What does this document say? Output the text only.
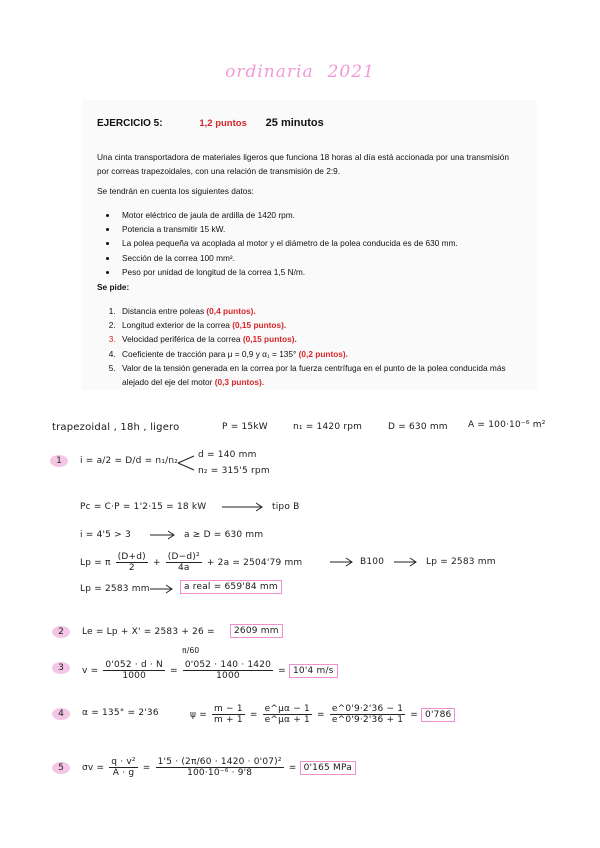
ordinaria 2021
EJERCICIO 5:	1,2 puntos 25 minutos
Una cinta transportadora de materiales ligeros que funciona 18 horas al día está accionada por una transmisión por correas trapezoidales, con una relación de transmisión de 2:9.
Se tendrán en cuenta los siguientes datos:
• Motor eléctrico de jaula de ardilla de 1420 rpm.
• Potencia a transmitir 15 kW.
• La polea pequeña va acoplada al motor y el diámetro de la polea conducida es de 630 mm.
• Sección de la correa 100 mm².
• Peso por unidad de longitud de la correa 1,5 N/m.
Se pide:
1. Distancia entre poleas (0,4 puntos).
2. Longitud exterior de la correa (0,15 puntos).
3. Velocidad periférica de la correa (0,15 puntos).
4. Coeficiente de tracción para μ = 0,9 y α₁ = 135° (0,2 puntos).
5. Valor de la tensión generada en la correa por la fuerza centrífuga en el punto de la polea conducida más alejado del eje del motor (0,3 puntos).
trapezoidal , 18h , ligero	P = 15kW	n₁ = 1420 rpm	D = 630 mm A = 100·10⁻⁶ m²
1	i = a/2 = D/d = n₁/n₂
d = 140 mm
n₂ = 315'5 rpm
Pc = C·P = 1'2·15 = 18 kW	tipo B
i = 4'5 > 3	a ≥ D = 630 mm
Lp = π $\frac{(D+d)}{2} + \frac{\text{(D−d)²}}{4a} + 2a = 2504'79$ mm	B100	Lp = 2583 mm
Lp = 2583 mm	a real = 659'84 mm
2	Le = Lp + X' = 2583 + 26 =	2609 mm
3
π/60
$v = \frac{0'052 \cdot d \cdot N}{1000} = \frac{0'052 \cdot 140 \cdot 1420}{1000} = 10'4$ m/s
4	α = 135° = 2'36	$\psi = \frac{m - 1}{m + 1} = \frac{e\^{}\mu\alpha - 1}{e\^{}\mu\alpha + 1} = \frac{e\^{}0'9\cdot 2'36 - 1}{e\^{}0'9\cdot 2'36 + 1} = 0'786$
5	$\sigma v = \frac{\text{q · v²}}{A \cdot g} = \frac{\text{1'5 · (2π/60 · 1420 · 0'07)²}}{\text{100·10⁻⁶ · 9'8}} = 0'165$ MPa
